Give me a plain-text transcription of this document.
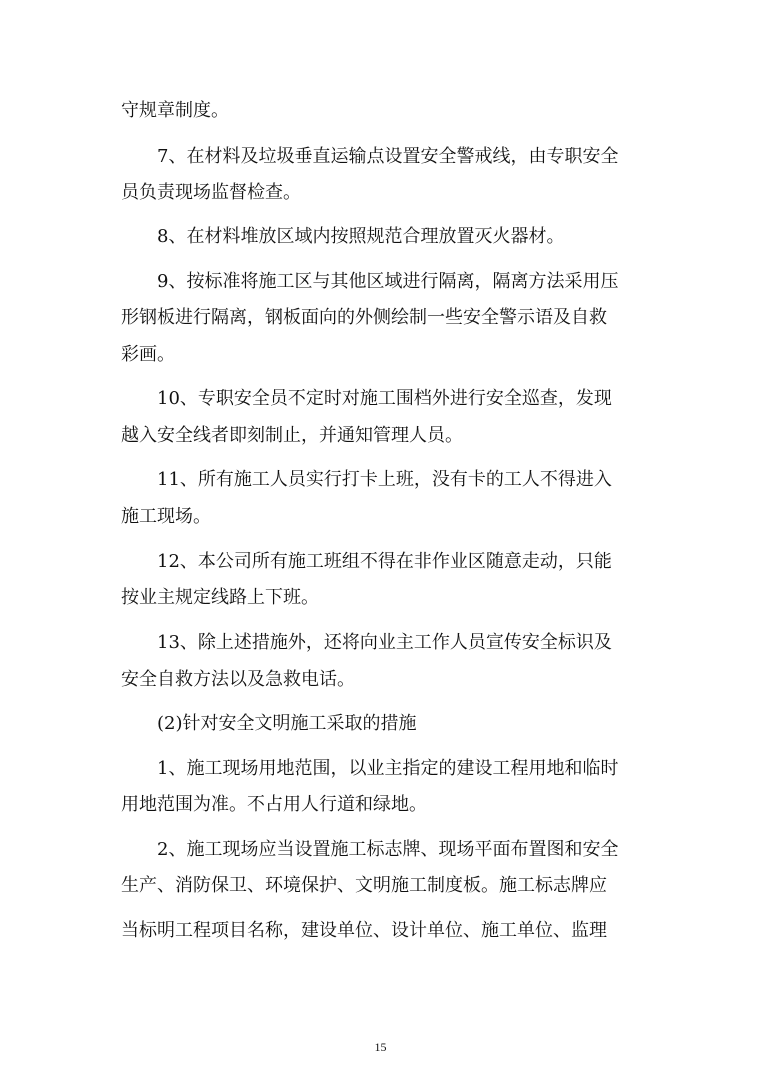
守规章制度。
7、在材料及垃圾垂直运输点设置安全警戒线，由专职安全
员负责现场监督检查。
8、在材料堆放区域内按照规范合理放置灭火器材。
9、按标准将施工区与其他区域进行隔离，隔离方法采用压
形钢板进行隔离，钢板面向的外侧绘制一些安全警示语及自救
彩画。
10、专职安全员不定时对施工围档外进行安全巡查，发现
越入安全线者即刻制止，并通知管理人员。
11、所有施工人员实行打卡上班，没有卡的工人不得进入
施工现场。
12、本公司所有施工班组不得在非作业区随意走动，只能
按业主规定线路上下班。
13、除上述措施外，还将向业主工作人员宣传安全标识及
安全自救方法以及急救电话。
(2)针对安全文明施工采取的措施
1、施工现场用地范围，以业主指定的建设工程用地和临时
用地范围为准。不占用人行道和绿地。
2、施工现场应当设置施工标志牌、现场平面布置图和安全
生产、消防保卫、环境保护、文明施工制度板。施工标志牌应
当标明工程项目名称，建设单位、设计单位、施工单位、监理
15
